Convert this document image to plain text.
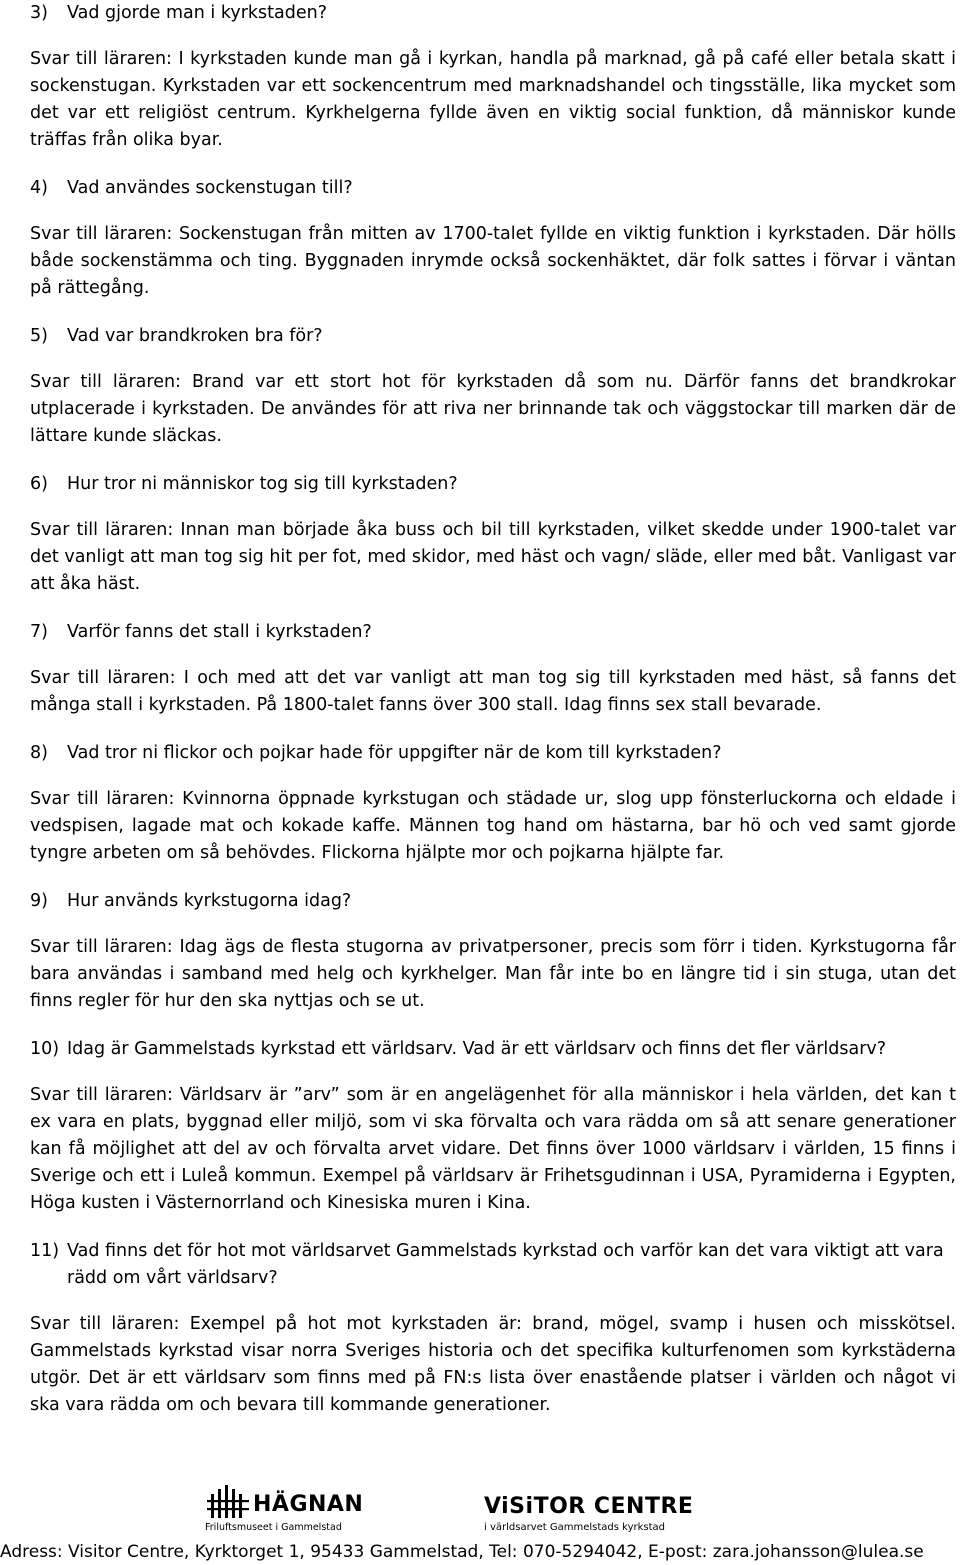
3)	Vad gjorde man i kyrkstaden?

Svar till läraren: I kyrkstaden kunde man gå i kyrkan, handla på marknad, gå på café eller betala skatt i sockenstugan. Kyrkstaden var ett sockencentrum med marknadshandel och tingsställe, lika mycket som det var ett religiöst centrum. Kyrkhelgerna fyllde även en viktig social funktion, då människor kunde träffas från olika byar.

4)	Vad användes sockenstugan till?

Svar till läraren: Sockenstugan från mitten av 1700-talet fyllde en viktig funktion i kyrkstaden. Där hölls både sockenstämma och ting. Byggnaden inrymde också sockenhäktet, där folk sattes i förvar i väntan på rättegång.

5)	Vad var brandkroken bra för?

Svar till läraren: Brand var ett stort hot för kyrkstaden då som nu. Därför fanns det brandkrokar utplacerade i kyrkstaden. De användes för att riva ner brinnande tak och väggstockar till marken där de lättare kunde släckas.

6)	Hur tror ni människor tog sig till kyrkstaden?

Svar till läraren: Innan man började åka buss och bil till kyrkstaden, vilket skedde under 1900-talet var det vanligt att man tog sig hit per fot, med skidor, med häst och vagn/ släde, eller med båt. Vanligast var att åka häst.

7)	Varför fanns det stall i kyrkstaden?

Svar till läraren: I och med att det var vanligt att man tog sig till kyrkstaden med häst, så fanns det många stall i kyrkstaden. På 1800-talet fanns över 300 stall. Idag finns sex stall bevarade.

8)	Vad tror ni flickor och pojkar hade för uppgifter när de kom till kyrkstaden?

Svar till läraren: Kvinnorna öppnade kyrkstugan och städade ur, slog upp fönsterluckorna och eldade i vedspisen, lagade mat och kokade kaffe. Männen tog hand om hästarna, bar hö och ved samt gjorde tyngre arbeten om så behövdes. Flickorna hjälpte mor och pojkarna hjälpte far.

9)	Hur används kyrkstugorna idag?

Svar till läraren: Idag ägs de flesta stugorna av privatpersoner, precis som förr i tiden. Kyrkstugorna får bara användas i samband med helg och kyrkhelger. Man får inte bo en längre tid i sin stuga, utan det finns regler för hur den ska nyttjas och se ut.

10) Idag är Gammelstads kyrkstad ett världsarv. Vad är ett världsarv och finns det fler världsarv?

Svar till läraren: Världsarv är ”arv” som är en angelägenhet för alla människor i hela världen, det kan t ex vara en plats, byggnad eller miljö, som vi ska förvalta och vara rädda om så att senare generationer kan få möjlighet att del av och förvalta arvet vidare. Det finns över 1000 världsarv i världen, 15 finns i Sverige och ett i Luleå kommun. Exempel på världsarv är Frihetsgudinnan i USA, Pyramiderna i Egypten, Höga kusten i Västernorrland och Kinesiska muren i Kina.

11) Vad finns det för hot mot världsarvet Gammelstads kyrkstad och varför kan det vara viktigt att vara rädd om vårt världsarv?

Svar till läraren: Exempel på hot mot kyrkstaden är: brand, mögel, svamp i husen och misskötsel. Gammelstads kyrkstad visar norra Sveriges historia och det specifika kulturfenomen som kyrkstäderna utgör. Det är ett världsarv som finns med på FN:s lista över enastående platser i världen och något vi ska vara rädda om och bevara till kommande generationer.

HÄGNAN
Friluftsmuseet i Gammelstad
ViSiTOR CENTRE
i världsarvet Gammelstads kyrkstad
Adress: Visitor Centre, Kyrktorget 1, 95433 Gammelstad, Tel: 070-5294042, E-post: zara.johansson@lulea.se
